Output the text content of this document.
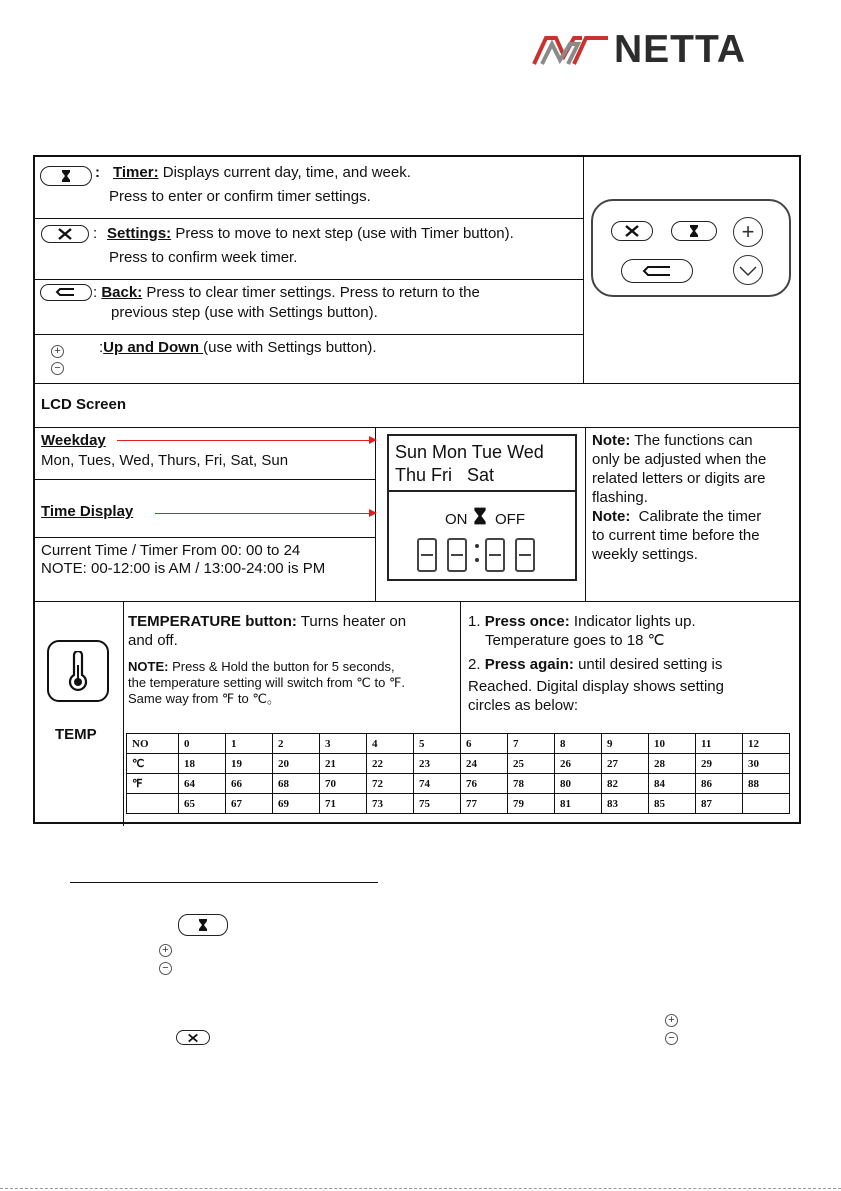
NETTA
: Timer: Displays current day, time, and week.
Press to enter or confirm timer settings.
: Settings: Press to move to next step (use with Timer button).
Press to confirm week timer.
: Back: Press to clear timer settings. Press to return to the
previous step (use with Settings button).
+
−
:Up and Down (use with Settings button).
+
LCD Screen
Weekday
Mon, Tues, Wed, Thurs, Fri, Sat, Sun
Time Display
Current Time / Timer From 00: 00 to 24
NOTE: 00-12:00 is AM / 13:00-24:00 is PM
Sun Mon Tue Wed
Thu Fri   Sat
ON OFF
Note: The functions can
only be adjusted when the
related letters or digits are
flashing.
Note:  Calibrate the timer
to current time before the
weekly settings.
TEMP
TEMPERATURE button: Turns heater on
and off.
NOTE: Press & Hold the button for 5 seconds,
the temperature setting will switch from ℃ to ℉.
Same way from ℉ to ℃。
1. Press once: Indicator lights up.
Temperature goes to 18 ℃
2. Press again: until desired setting is
Reached. Digital display shows setting
circles as below:
NO	0	1	2	3	4	5	6	7	8	9	10	11	12
℃	18	19	20	21	22	23	24	25	26	27	28	29	30
℉	64	66	68	70	72	74	76	78	80	82	84	86	88
	65	67	69	71	73	75	77	79	81	83	85	87	
+
−
+
−
